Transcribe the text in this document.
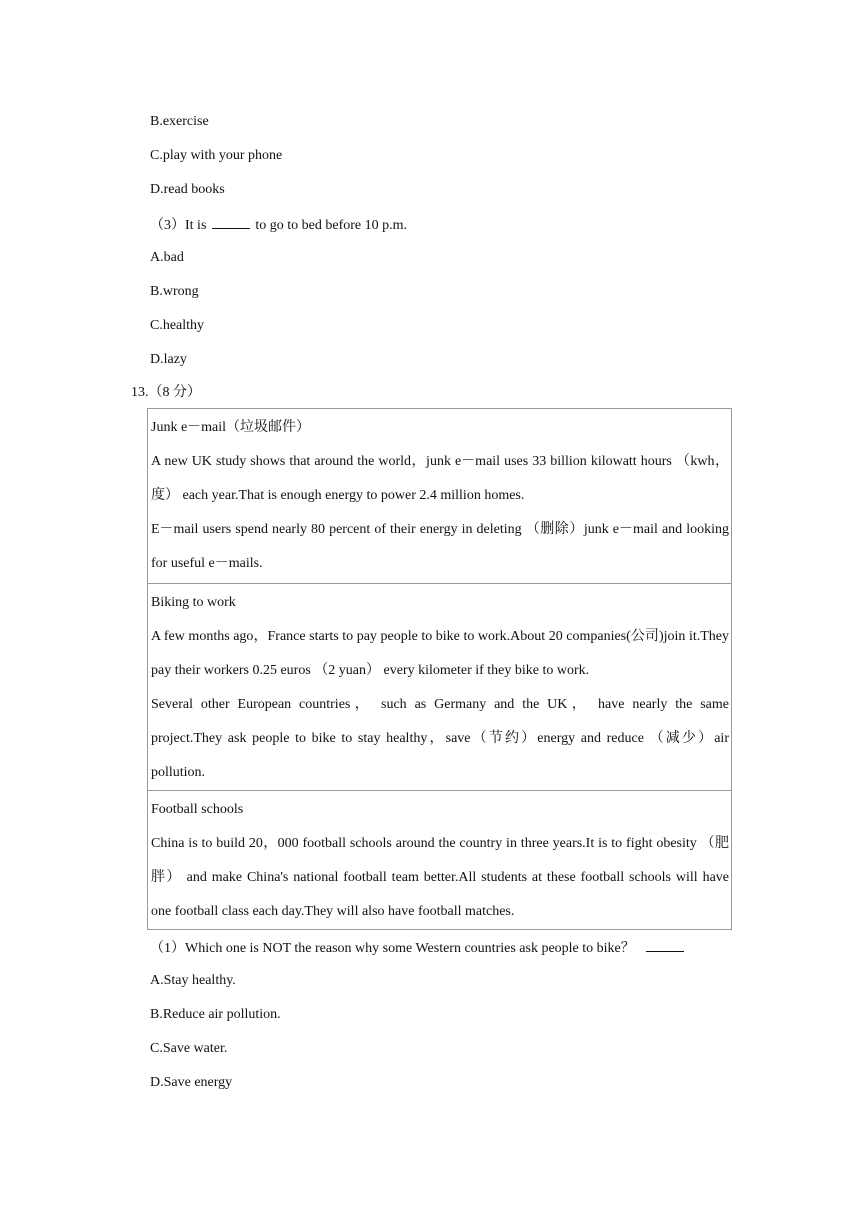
B.exercise
C.play with your phone
D.read books
（3）It is	to go to bed before 10 p.m.
A.bad
B.wrong
C.healthy
D.lazy
13.（8 分）

Junk e－mail（垃圾邮件）

A new UK study shows that around the world，junk e－mail uses 33 billion kilowatt hours （kwh，度） each year.That is enough energy to power 2.4 million homes.

E－mail users spend nearly 80 percent of their energy in deleting （删除）junk e－mail and looking for useful e－mails.

Biking to work

A few months ago，France starts to pay people to bike to work.About 20 companies(公司)join it.They pay their workers 0.25 euros （2 yuan） every kilometer if they bike to work.

Several other European countries， such as Germany and the UK， have nearly the same project.They ask people to bike to stay healthy，save（节约）energy and reduce （减少）air pollution.

Football schools

China is to build 20，000 football schools around the country in three years.It is to fight obesity （肥胖） and make China's national football team better.All students at these football schools will have one football class each day.They will also have football matches.

（1）Which one is NOT the reason why some Western countries ask people to bike？
A.Stay healthy.
B.Reduce air pollution.
C.Save water.
D.Save energy
